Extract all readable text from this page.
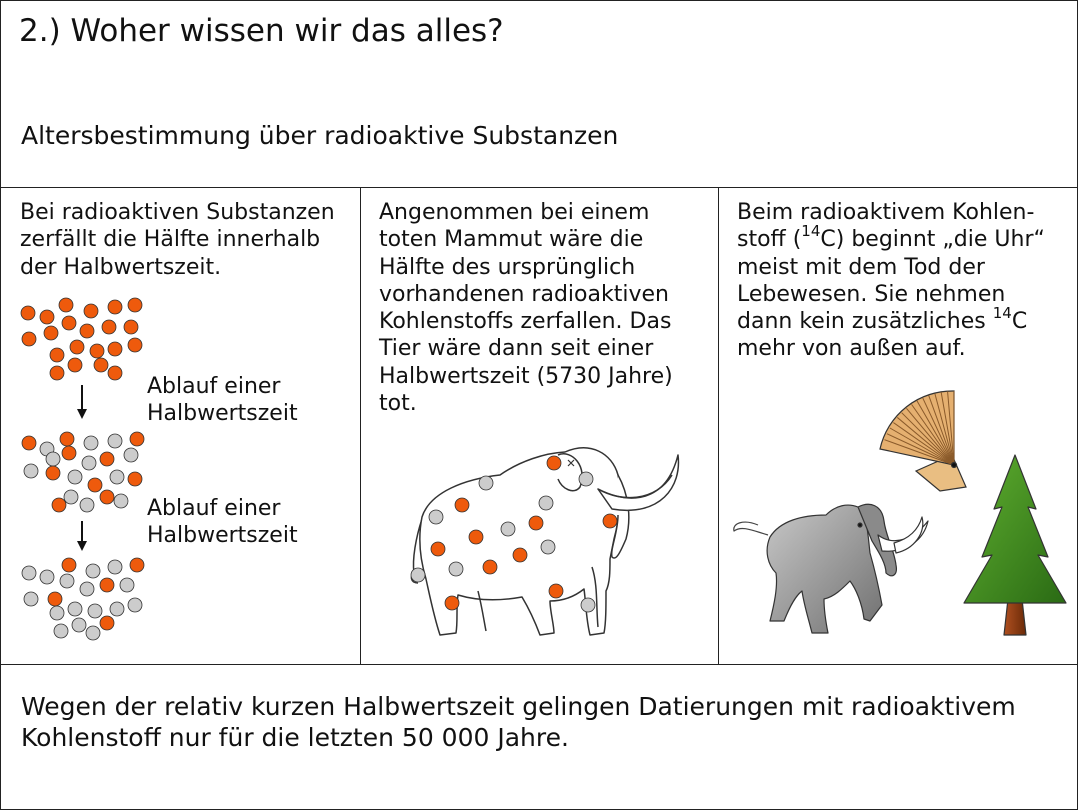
2.) Woher wissen wir das alles?
Altersbestimmung über radioaktive Substanzen

Bei radioaktiven Substanzen
zerfällt die Hälfte innerhalb
der Halbwertszeit.

Ablauf einer
Halbwertszeit
Ablauf einer
Halbwertszeit

Angenommen bei einem
toten Mammut wäre die
Hälfte des ursprünglich
vorhandenen radioaktiven
Kohlenstoffs zerfallen. Das
Tier wäre dann seit einer
Halbwertszeit (5730 Jahre)
tot.

Beim radioaktivem Kohlen-
stoff ($^{14}$C) beginnt „die Uhr“
meist mit dem Tod der
Lebewesen. Sie nehmen
dann kein zusätzliches $^{14}$C
mehr von außen auf.

Wegen der relativ kurzen Halbwertszeit gelingen Datierungen mit radioaktivem
Kohlenstoff nur für die letzten 50 000 Jahre.
